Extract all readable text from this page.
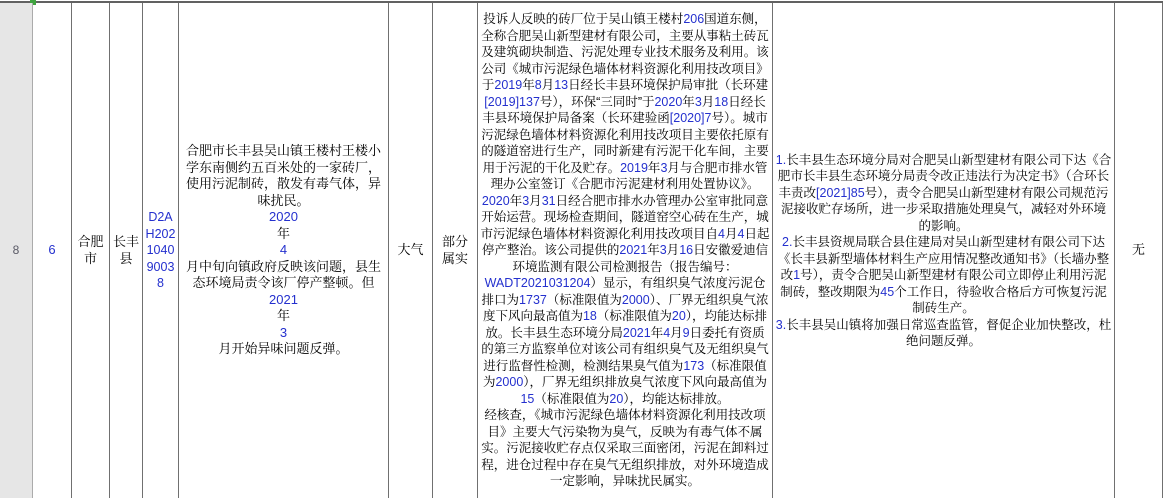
8 6
合肥市
长丰县
D2AH202104090038
合肥市长丰县吴山镇王楼村王楼小学东南侧约五百米处的一家砖厂，使用污泥制砖，散发有毒气体，异味扰民。
2020
年
4
月中旬向镇政府反映该问题，县生态环境局责令该厂停产整顿。但
2021
年
3
月开始异味问题反弹。
大气
部分属实
投诉人反映的砖厂位于吴山镇王楼村206国道东侧，全称合肥吴山新型建材有限公司，主要从事粘土砖瓦及建筑砌块制造、污泥处理专业技术服务及利用。该公司《城市污泥绿色墙体材料资源化利用技改项目》于2019年8月13日经长丰县环境保护局审批（长环建[2019]137号），环保“三同时”于2020年3月18日经长丰县环境保护局备案（长环建验函[2020]7号）。城市污泥绿色墙体材料资源化利用技改项目主要依托原有的隧道窑进行生产，同时新建有污泥干化车间，主要用于污泥的干化及贮存。2019年3月与合肥市排水管理办公室签订《合肥市污泥建材利用处置协议》。2020年3月31日经合肥市排水办管理办公室审批同意开始运营。现场检查期间，隧道窑空心砖在生产，城市污泥绿色墙体材料资源化利用技改项目自4月4日起停产整治。该公司提供的2021年3月16日安徽爱迪信环境监测有限公司检测报告（报告编号：WADT2021031204）显示，有组织臭气浓度污泥仓排口为1737（标准限值为2000）、厂界无组织臭气浓度下风向最高值为18（标准限值为20），均能达标排放。长丰县生态环境分局2021年4月9日委托有资质的第三方监察单位对该公司有组织臭气及无组织臭气进行监督性检测，检测结果臭气值为173（标准限值为2000），厂界无组织排放臭气浓度下风向最高值为15（标准限值为20），均能达标排放。
经核查，《城市污泥绿色墙体材料资源化利用技改项目》主要大气污染物为臭气，反映为有毒气体不属实。污泥接收贮存点仅采取三面密闭，污泥在卸料过程，进仓过程中存在臭气无组织排放，对外环境造成一定影响，异味扰民属实。
1.长丰县生态环境分局对合肥吴山新型建材有限公司下达《合肥市长丰县生态环境分局责令改正违法行为决定书》（合环长丰责改[2021]85号），责令合肥吴山新型建材有限公司规范污泥接收贮存场所，进一步采取措施处理臭气，减轻对外环境的影响。
2.长丰县资规局联合县住建局对吴山新型建材有限公司下达《长丰县新型墙体材料生产应用情况整改通知书》（长墙办整改1号），责令合肥吴山新型建材有限公司立即停止利用污泥制砖，整改期限为45个工作日，待验收合格后方可恢复污泥制砖生产。
3.长丰县吴山镇将加强日常巡查监管，督促企业加快整改，杜绝问题反弹。
无
